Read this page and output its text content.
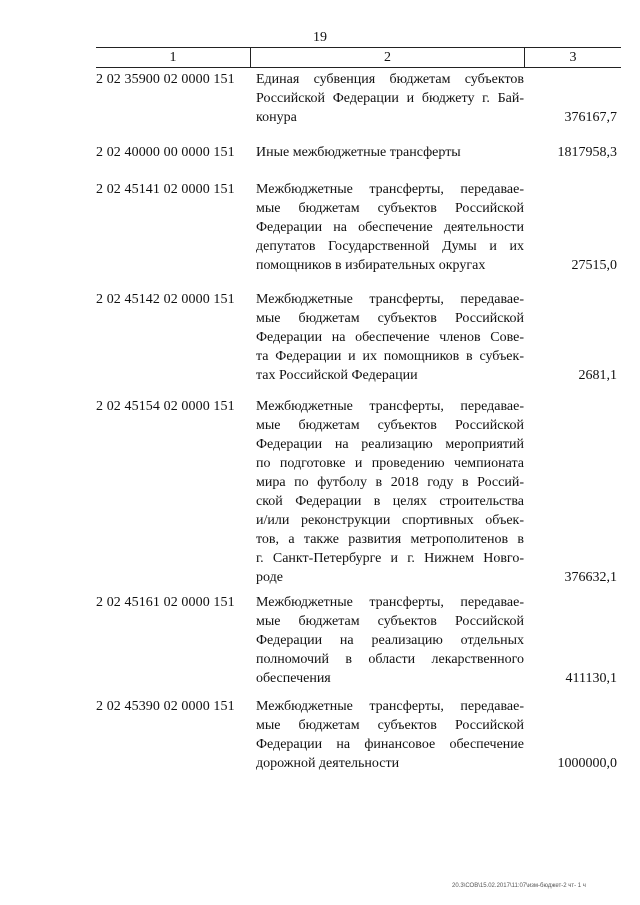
19
1	2	3
2 02 35900 02 0000 151	Единая субвенция бюджетам субъектов
Российской Федерации и бюджету г. Бай-
конура	376167,7
2 02 40000 00 0000 151	Иные межбюджетные трансферты	1817958,3
2 02 45141 02 0000 151	Межбюджетные трансферты, передавае-
мые бюджетам субъектов Российской
Федерации на обеспечение деятельности
депутатов Государственной Думы и их
помощников в избирательных округах	27515,0
2 02 45142 02 0000 151	Межбюджетные трансферты, передавае-
мые бюджетам субъектов Российской
Федерации на обеспечение членов Сове-
та Федерации и их помощников в субъек-
тах Российской Федерации	2681,1
2 02 45154 02 0000 151	Межбюджетные трансферты, передавае-
мые бюджетам субъектов Российской
Федерации на реализацию мероприятий
по подготовке и проведению чемпионата
мира по футболу в 2018 году в Россий-
ской Федерации в целях строительства
и/или реконструкции спортивных объек-
тов, а также развития метрополитенов в
г. Санкт-Петербурге и г. Нижнем Новго-
роде	376632,1
2 02 45161 02 0000 151	Межбюджетные трансферты, передавае-
мые бюджетам субъектов Российской
Федерации на реализацию отдельных
полномочий в области лекарственного
обеспечения	411130,1
2 02 45390 02 0000 151	Межбюджетные трансферты, передавае-
мые бюджетам субъектов Российской
Федерации на финансовое обеспечение
дорожной деятельности	1000000,0
20.3\СОВ\15.02.2017\11:07\изм-бюджет-2 чт- 1 ч
